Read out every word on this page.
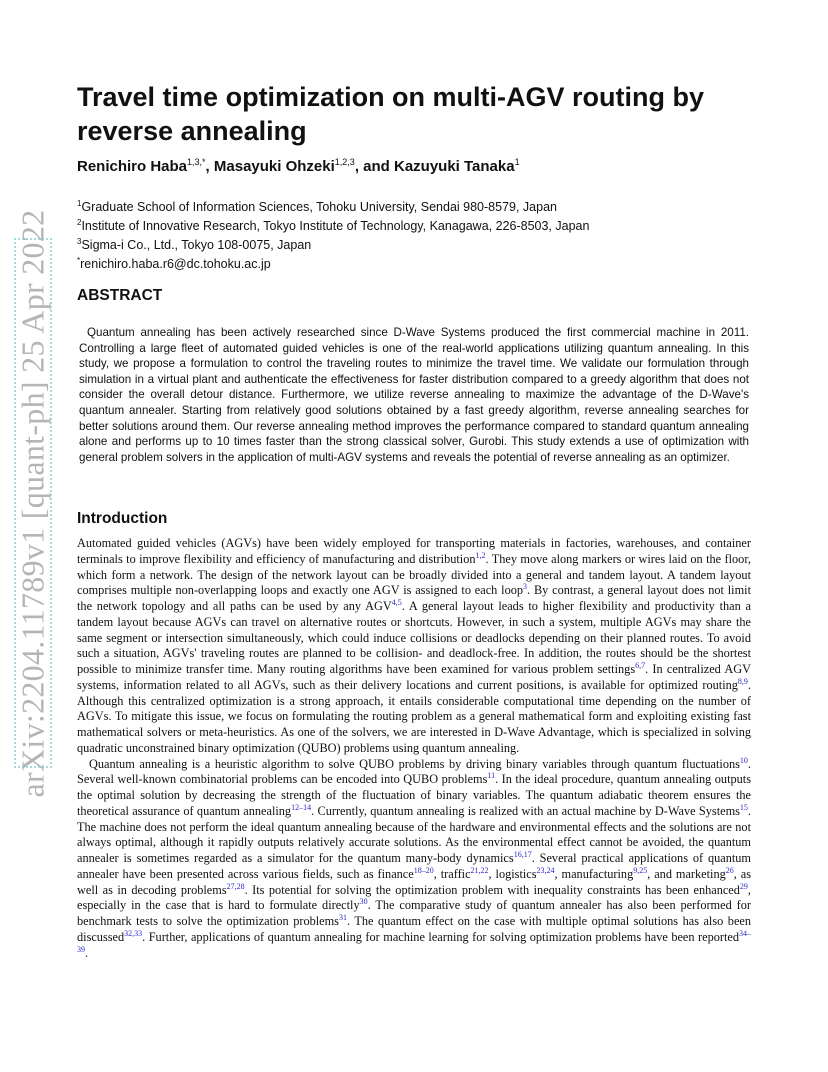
arXiv:2204.11789v1 [quant-ph] 25 Apr 2022
Travel time optimization on multi-AGV routing by reverse annealing
Renichiro Haba$^{1,3,*}$, Masayuki Ohzeki$^{1,2,3}$, and Kazuyuki Tanaka$^1$
$^1$Graduate School of Information Sciences, Tohoku University, Sendai 980-8579, Japan
$^2$Institute of Innovative Research, Tokyo Institute of Technology, Kanagawa, 226-8503, Japan
$^3$Sigma-i Co., Ltd., Tokyo 108-0075, Japan
*renichiro.haba.r6@dc.tohoku.ac.jp
ABSTRACT

Quantum annealing has been actively researched since D-Wave Systems produced the first commercial machine in 2011. Controlling a large fleet of automated guided vehicles is one of the real-world applications utilizing quantum annealing. In this study, we propose a formulation to control the traveling routes to minimize the travel time. We validate our formulation through simulation in a virtual plant and authenticate the effectiveness for faster distribution compared to a greedy algorithm that does not consider the overall detour distance. Furthermore, we utilize reverse annealing to maximize the advantage of the D-Wave's quantum annealer. Starting from relatively good solutions obtained by a fast greedy algorithm, reverse annealing searches for better solutions around them. Our reverse annealing method improves the performance compared to standard quantum annealing alone and performs up to 10 times faster than the strong classical solver, Gurobi. This study extends a use of optimization with general problem solvers in the application of multi-AGV systems and reveals the potential of reverse annealing as an optimizer.

Introduction

Automated guided vehicles (AGVs) have been widely employed for transporting materials in factories, warehouses, and container terminals to improve flexibility and efficiency of manufacturing and distribution$^{1,2}$. They move along markers or wires laid on the floor, which form a network. The design of the network layout can be broadly divided into a general and tandem layout. A tandem layout comprises multiple non-overlapping loops and exactly one AGV is assigned to each loop$^3$. By contrast, a general layout does not limit the network topology and all paths can be used by any AGV$^{4,5}$. A general layout leads to higher flexibility and productivity than a tandem layout because AGVs can travel on alternative routes or shortcuts. However, in such a system, multiple AGVs may share the same segment or intersection simultaneously, which could induce collisions or deadlocks depending on their planned routes. To avoid such a situation, AGVs' traveling routes are planned to be collision- and deadlock-free. In addition, the routes should be the shortest possible to minimize transfer time. Many routing algorithms have been examined for various problem settings$^{6,7}$. In centralized AGV systems, information related to all AGVs, such as their delivery locations and current positions, is available for optimized routing$^{8,9}$. Although this centralized optimization is a strong approach, it entails considerable computational time depending on the number of AGVs. To mitigate this issue, we focus on formulating the routing problem as a general mathematical form and exploiting existing fast mathematical solvers or meta-heuristics. As one of the solvers, we are interested in D-Wave Advantage, which is specialized in solving quadratic unconstrained binary optimization (QUBO) problems using quantum annealing.

Quantum annealing is a heuristic algorithm to solve QUBO problems by driving binary variables through quantum fluctuations$^{10}$. Several well-known combinatorial problems can be encoded into QUBO problems$^{11}$. In the ideal procedure, quantum annealing outputs the optimal solution by decreasing the strength of the fluctuation of binary variables. The quantum adiabatic theorem ensures the theoretical assurance of quantum annealing$^{12-14}$. Currently, quantum annealing is realized with an actual machine by D-Wave Systems$^{15}$. The machine does not perform the ideal quantum annealing because of the hardware and environmental effects and the solutions are not always optimal, although it rapidly outputs relatively accurate solutions. As the environmental effect cannot be avoided, the quantum annealer is sometimes regarded as a simulator for the quantum many-body dynamics$^{16,17}$. Several practical applications of quantum annealer have been presented across various fields, such as finance$^{18-20}$, traffic$^{21,22}$, logistics$^{23,24}$, manufacturing$^{9,25}$, and marketing$^{26}$, as well as in decoding problems$^{27,28}$. Its potential for solving the optimization problem with inequality constraints has been enhanced$^{29}$, especially in the case that is hard to formulate directly$^{30}$. The comparative study of quantum annealer has also been performed for benchmark tests to solve the optimization problems$^{31}$. The quantum effect on the case with multiple optimal solutions has also been discussed$^{32,33}$. Further, applications of quantum annealing for machine learning for solving optimization problems have been reported$^{34-39}$.
